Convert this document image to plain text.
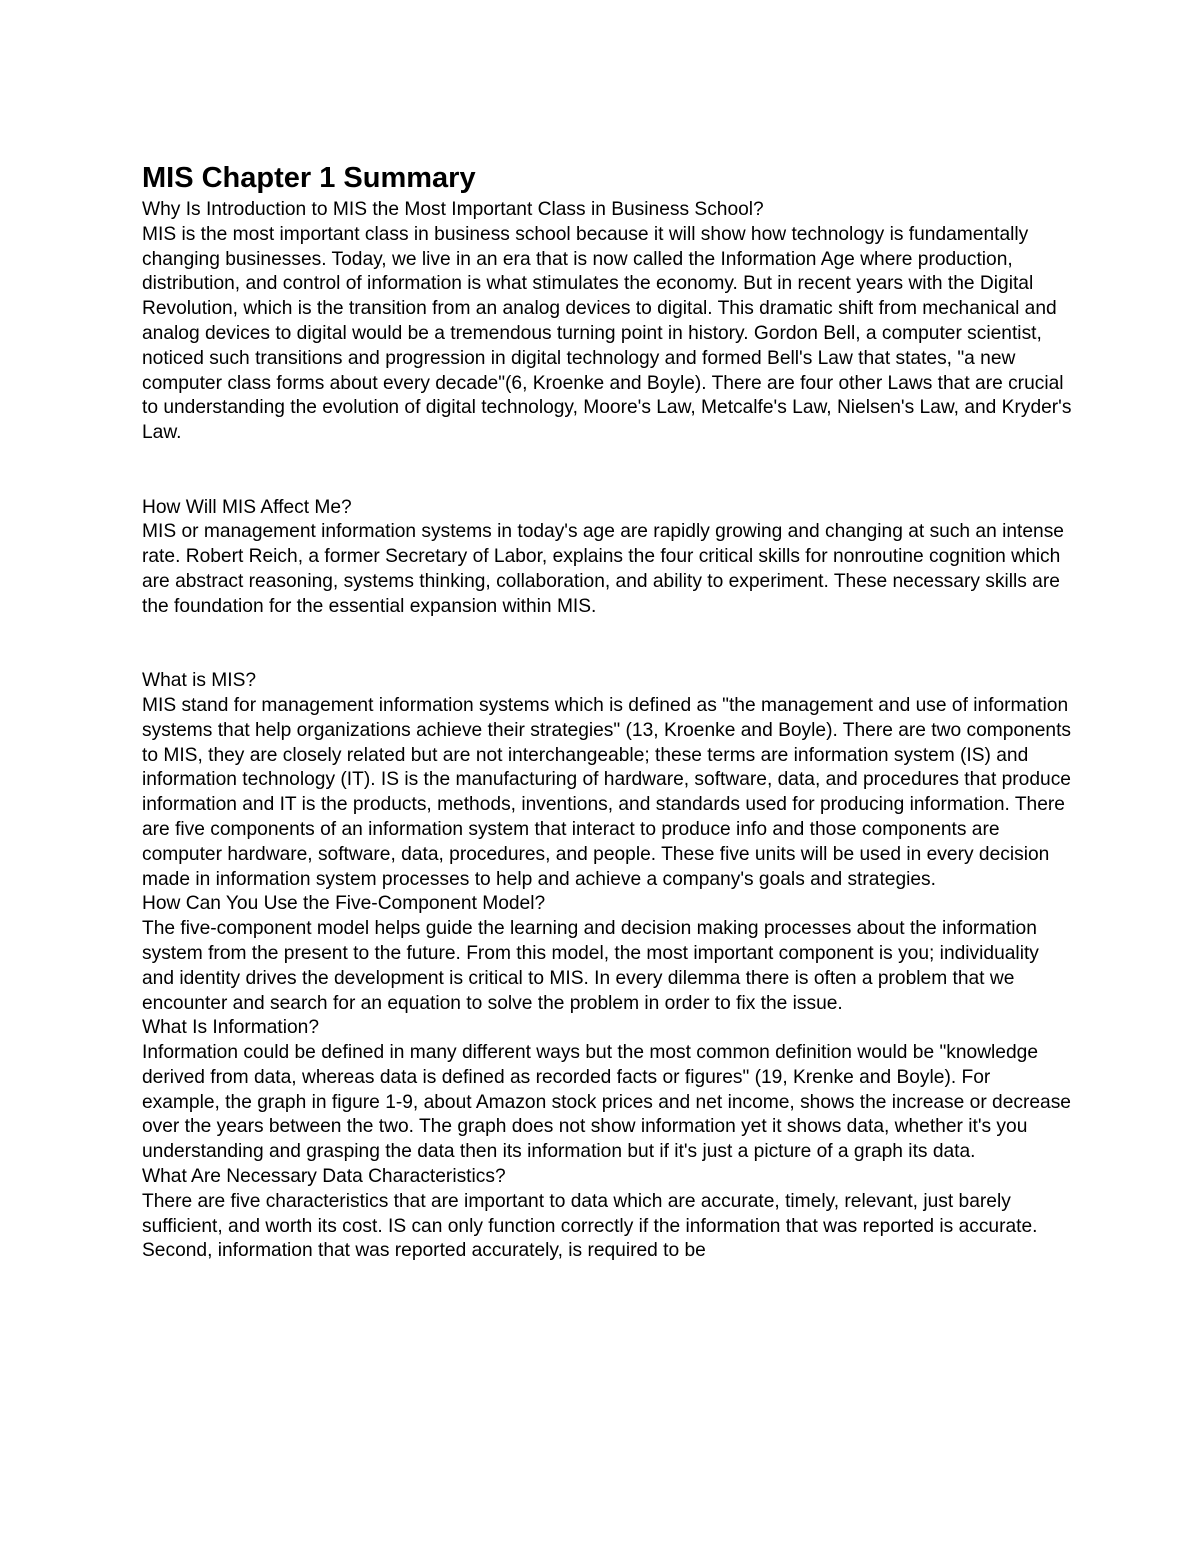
MIS Chapter 1 Summary

Why Is Introduction to MIS the Most Important Class in Business School?

MIS is the most important class in business school because it will show how technology is fundamentally changing businesses. Today, we live in an era that is now called the Information Age where production, distribution, and control of information is what stimulates the economy. But in recent years with the Digital Revolution, which is the transition from an analog devices to digital. This dramatic shift from mechanical and analog devices to digital would be a tremendous turning point in history. Gordon Bell, a computer scientist, noticed such transitions and progression in digital technology and formed Bell's Law that states, "a new computer class forms about every decade"(6, Kroenke and Boyle). There are four other Laws that are crucial to understanding the evolution of digital technology, Moore's Law, Metcalfe's Law, Nielsen's Law, and Kryder's Law.

How Will MIS Affect Me?

MIS or management information systems in today's age are rapidly growing and changing at such an intense rate. Robert Reich, a former Secretary of Labor, explains the four critical skills for nonroutine cognition which are abstract reasoning, systems thinking, collaboration, and ability to experiment. These necessary skills are the foundation for the essential expansion within MIS.

What is MIS?

MIS stand for management information systems which is defined as "the management and use of information systems that help organizations achieve their strategies" (13, Kroenke and Boyle). There are two components to MIS, they are closely related but are not interchangeable; these terms are information system (IS) and information technology (IT). IS is the manufacturing of hardware, software, data, and procedures that produce information and IT is the products, methods, inventions, and standards used for producing information. There are five components of an information system that interact to produce info and those components are computer hardware, software, data, procedures, and people. These five units will be used in every decision made in information system processes to help and achieve a company's goals and strategies.

How Can You Use the Five-Component Model?

The five-component model helps guide the learning and decision making processes about the information system from the present to the future. From this model, the most important component is you; individuality and identity drives the development is critical to MIS. In every dilemma there is often a problem that we encounter and search for an equation to solve the problem in order to fix the issue.

What Is Information?

Information could be defined in many different ways but the most common definition would be "knowledge derived from data, whereas data is defined as recorded facts or figures" (19, Krenke and Boyle). For example, the graph in figure 1-9, about Amazon stock prices and net income, shows the increase or decrease over the years between the two. The graph does not show information yet it shows data, whether it's you understanding and grasping the data then its information but if it's just a picture of a graph its data.

What Are Necessary Data Characteristics?

There are five characteristics that are important to data which are accurate, timely, relevant, just barely sufficient, and worth its cost. IS can only function correctly if the information that was reported is accurate. Second, information that was reported accurately, is required to be
